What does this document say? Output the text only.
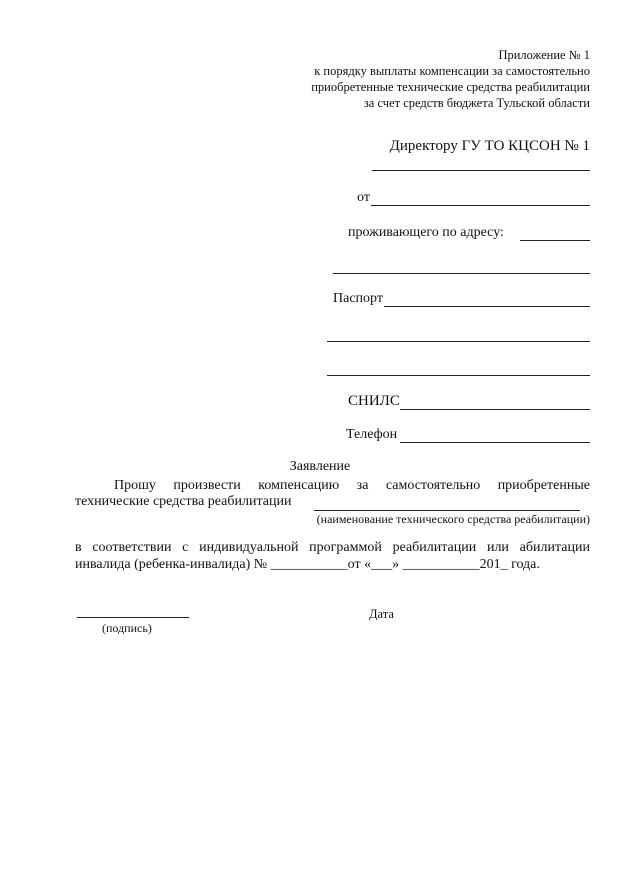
Приложение № 1
к порядку выплаты компенсации за самостоятельно
приобретенные технические средства реабилитации
за счет средств бюджета Тульской области
Директору ГУ ТО КЦСОН № 1
от
проживающего по адресу:
Паспорт
СНИЛС
Телефон
Заявление
Прошу произвести компенсацию за самостоятельно приобретенные
технические средства реабилитации
(наименование технического средства реабилитации)
в соответствии с индивидуальной программой реабилитации или абилитации
инвалида (ребенка-инвалида) № ___________от «___» ___________201_ года.
(подпись)
Дата
